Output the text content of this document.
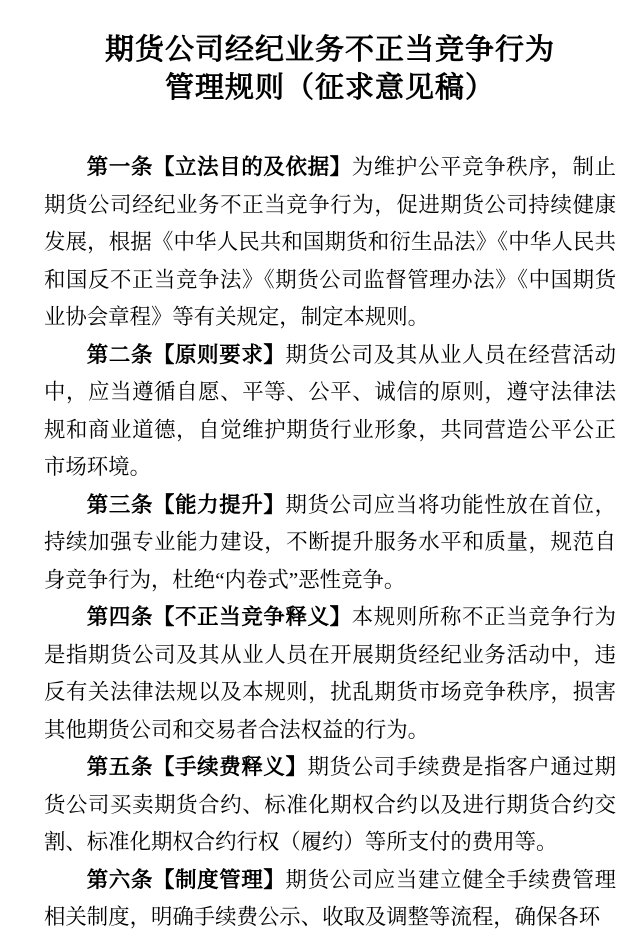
期货公司经纪业务不正当竞争行为
管理规则（征求意见稿）

第一条【立法目的及依据】为维护公平竞争秩序，制止期货公司经纪业务不正当竞争行为，促进期货公司持续健康发展，根据《中华人民共和国期货和衍生品法》《中华人民共和国反不正当竞争法》《期货公司监督管理办法》《中国期货业协会章程》等有关规定，制定本规则。

第二条【原则要求】期货公司及其从业人员在经营活动中，应当遵循自愿、平等、公平、诚信的原则，遵守法律法规和商业道德，自觉维护期货行业形象，共同营造公平公正市场环境。

第三条【能力提升】期货公司应当将功能性放在首位，持续加强专业能力建设，不断提升服务水平和质量，规范自身竞争行为，杜绝“内卷式”恶性竞争。

第四条【不正当竞争释义】本规则所称不正当竞争行为是指期货公司及其从业人员在开展期货经纪业务活动中，违反有关法律法规以及本规则，扰乱期货市场竞争秩序，损害其他期货公司和交易者合法权益的行为。

第五条【手续费释义】期货公司手续费是指客户通过期货公司买卖期货合约、标准化期权合约以及进行期货合约交割、标准化期权合约行权（履约）等所支付的费用等。

第六条【制度管理】期货公司应当建立健全手续费管理相关制度，明确手续费公示、收取及调整等流程，确保各环
